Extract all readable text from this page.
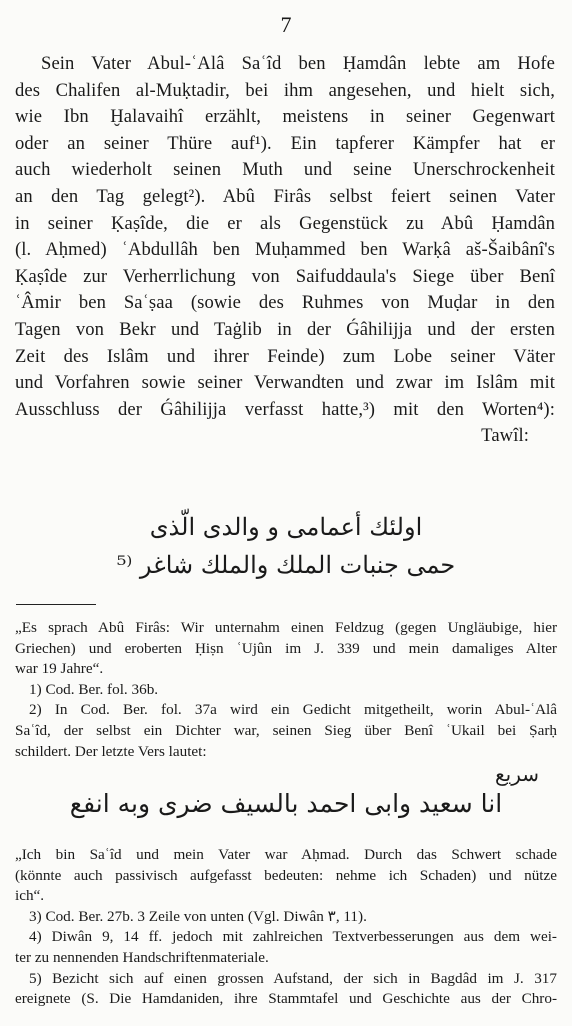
7
Sein Vater Abul-ʿAlâ Saʿîd ben Ḥamdân lebte am Hofe
des Chalifen al-Muḳtadir, bei ihm angesehen, und hielt sich,
wie Ibn Ḫalavaihî erzählt, meistens in seiner Gegenwart
oder an seiner Thüre auf¹). Ein tapferer Kämpfer hat er
auch wiederholt seinen Muth und seine Unerschrockenheit
an den Tag gelegt²). Abû Firâs selbst feiert seinen Vater
in seiner Ḳaṣîde, die er als Gegenstück zu Abû Ḥamdân
(l. Aḥmed) ʿAbdullâh ben Muḥammed ben Warḳâ aš-Šaibânî's
Ḳaṣîde zur Verherrlichung von Saifuddaula's Siege über Benî
ʿÂmir ben Saʿṣaa (sowie des Ruhmes von Muḍar in den
Tagen von Bekr und Taġlib in der Ǵâhilijja und der ersten
Zeit des Islâm und ihrer Feinde) zum Lobe seiner Väter
und Vorfahren sowie seiner Verwandten und zwar im Islâm mit
Ausschluss der Ǵâhilijja verfasst hatte,³) mit den Worten⁴):
Tawîl:
اولئك أعمامى و والدى الّذى
حمى جنبات الملك والملك شاغر ⁽⁵
„Es sprach Abû Firâs: Wir unternahm einen Feldzug (gegen Ungläubige, hier
Griechen) und eroberten Ḥiṣn ʿUjûn im J. 339 und mein damaliges Alter
war 19 Jahre“.
1) Cod. Ber. fol. 36b.
2) In Cod. Ber. fol. 37a wird ein Gedicht mitgetheilt, worin Abul-ʿAlâ
Saʿîd, der selbst ein Dichter war, seinen Sieg über Benî ʿUkail bei Ṣarḥ
schildert. Der letzte Vers lautet:
سريع
انا سعيد وابى احمد بالسيف ضرى وبه انفع
„Ich bin Saʿîd und mein Vater war Aḥmad. Durch das Schwert schade
(könnte auch passivisch aufgefasst bedeuten: nehme ich Schaden) und nütze
ich“.
3) Cod. Ber. 27b. 3 Zeile von unten (Vgl. Diwân ٣, 11).
4) Diwân 9, 14 ff. jedoch mit zahlreichen Textverbesserungen aus dem wei-
ter zu nennenden Handschriftenmateriale.
5) Bezicht sich auf einen grossen Aufstand, der sich in Bagdâd im J. 317
ereignete (S. Die Hamdaniden, ihre Stammtafel und Geschichte aus der Chro-
